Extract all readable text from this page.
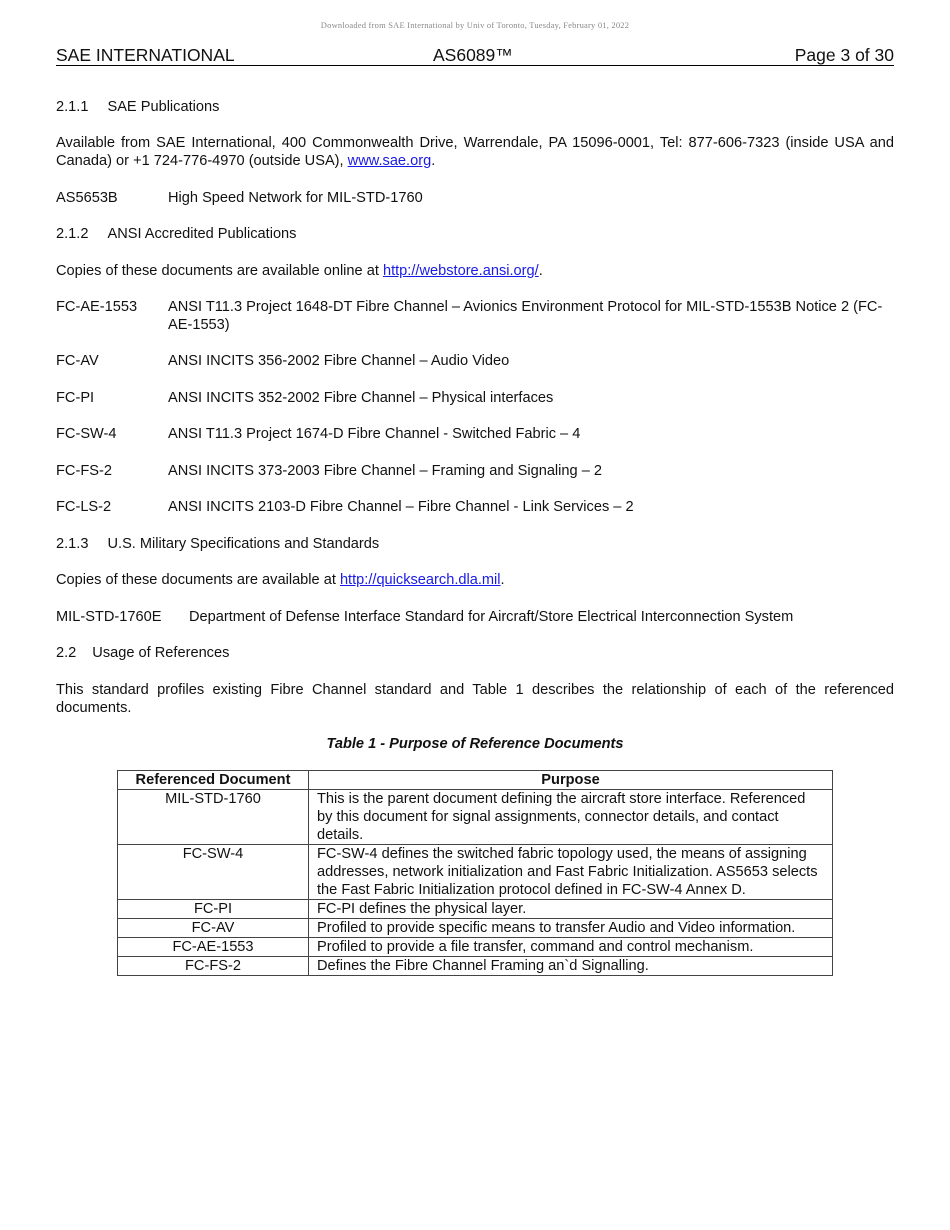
Downloaded from SAE International by Univ of Toronto, Tuesday, February 01, 2022
SAE INTERNATIONAL	AS6089™	Page 3 of 30
2.1.1 SAE Publications
Available from SAE International, 400 Commonwealth Drive, Warrendale, PA 15096-0001, Tel: 877-606-7323 (inside USA and Canada) or +1 724-776-4970 (outside USA), www.sae.org.
AS5653B	High Speed Network for MIL-STD-1760
2.1.2 ANSI Accredited Publications
Copies of these documents are available online at http://webstore.ansi.org/.
FC-AE-1553 ANSI T11.3 Project 1648-DT Fibre Channel – Avionics Environment Protocol for MIL-STD-1553B Notice 2 (FC-AE-1553)
FC-AV	ANSI INCITS 356-2002 Fibre Channel – Audio Video
FC-PI	ANSI INCITS 352-2002 Fibre Channel – Physical interfaces
FC-SW-4	ANSI T11.3 Project 1674-D Fibre Channel - Switched Fabric – 4
FC-FS-2	ANSI INCITS 373-2003 Fibre Channel – Framing and Signaling – 2
FC-LS-2	ANSI INCITS 2103-D Fibre Channel – Fibre Channel - Link Services – 2
2.1.3 U.S. Military Specifications and Standards
Copies of these documents are available at http://quicksearch.dla.mil.
MIL-STD-1760E Department of Defense Interface Standard for Aircraft/Store Electrical Interconnection System
2.2 Usage of References
This standard profiles existing Fibre Channel standard and Table 1 describes the relationship of each of the referenced documents.
Table 1 - Purpose of Reference Documents
Referenced Document	Purpose
MIL-STD-1760	This is the parent document defining the aircraft store interface. Referenced by this document for signal assignments, connector details, and contact details.
FC-SW-4	FC-SW-4 defines the switched fabric topology used, the means of assigning addresses, network initialization and Fast Fabric Initialization. AS5653 selects the Fast Fabric Initialization protocol defined in FC-SW-4 Annex D.
FC-PI	FC-PI defines the physical layer.
FC-AV	Profiled to provide specific means to transfer Audio and Video information.
FC-AE-1553	Profiled to provide a file transfer, command and control mechanism.
FC-FS-2	Defines the Fibre Channel Framing an`d Signalling.
